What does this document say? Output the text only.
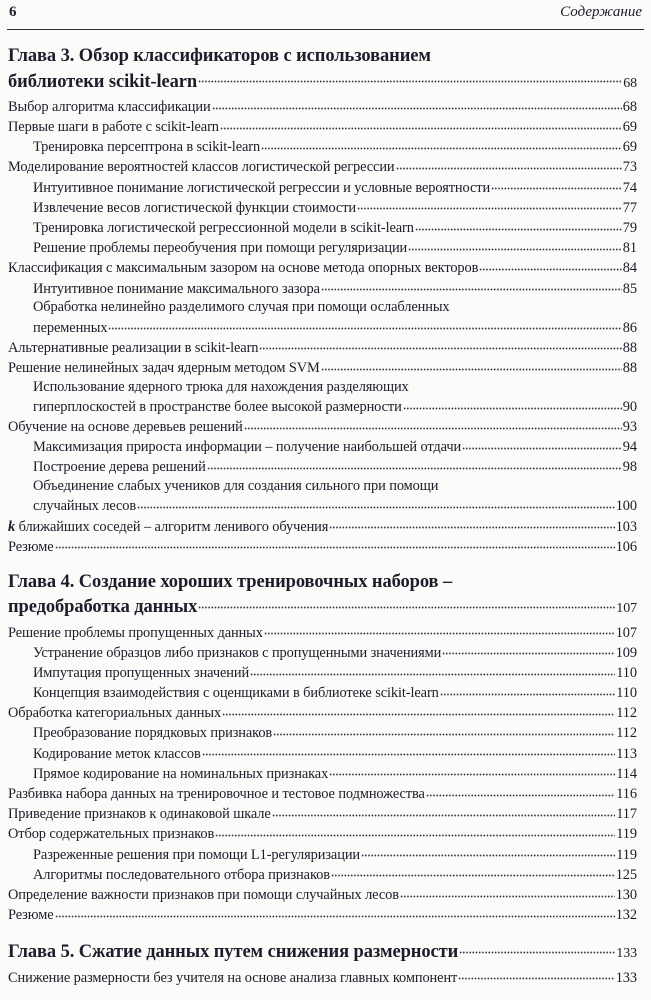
6	Содержание
Глава 3. Обзор классификаторов с использованием
библиотеки scikit-learn	68
Выбор алгоритма классификации	68
Первые шаги в работе с scikit-learn	69
Тренировка персептрона в scikit-learn	69
Моделирование вероятностей классов логистической регрессии	73
Интуитивное понимание логистической регрессии и условные вероятности	74
Извлечение весов логистической функции стоимости	77
Тренировка логистической регрессионной модели в scikit-learn	79
Решение проблемы переобучения при помощи регуляризации	81
Классификация с максимальным зазором на основе метода опорных векторов	84
Интуитивное понимание максимального зазора	85
Обработка нелинейно разделимого случая при помощи ослабленных
переменных	86
Альтернативные реализации в scikit-learn	88
Решение нелинейных задач ядерным методом SVM	88
Использование ядерного трюка для нахождения разделяющих
гиперплоскостей в пространстве более высокой размерности	90
Обучение на основе деревьев решений	93
Максимизация прироста информации – получение наибольшей отдачи	94
Построение дерева решений	98
Объединение слабых учеников для создания сильного при помощи
случайных лесов	100
k ближайших соседей – алгоритм ленивого обучения	103
Резюме	106
Глава 4. Создание хороших тренировочных наборов –
предобработка данных	107
Решение проблемы пропущенных данных	107
Устранение образцов либо признаков с пропущенными значениями	109
Импутация пропущенных значений	110
Концепция взаимодействия с оценщиками в библиотеке scikit-learn	110
Обработка категориальных данных	112
Преобразование порядковых признаков	112
Кодирование меток классов	113
Прямое кодирование на номинальных признаках	114
Разбивка набора данных на тренировочное и тестовое подмножества	116
Приведение признаков к одинаковой шкале	117
Отбор содержательных признаков	119
Разреженные решения при помощи L1-регуляризации	119
Алгоритмы последовательного отбора признаков	125
Определение важности признаков при помощи случайных лесов	130
Резюме	132
Глава 5. Сжатие данных путем снижения размерности	133
Снижение размерности без учителя на основе анализа главных компонент	133
